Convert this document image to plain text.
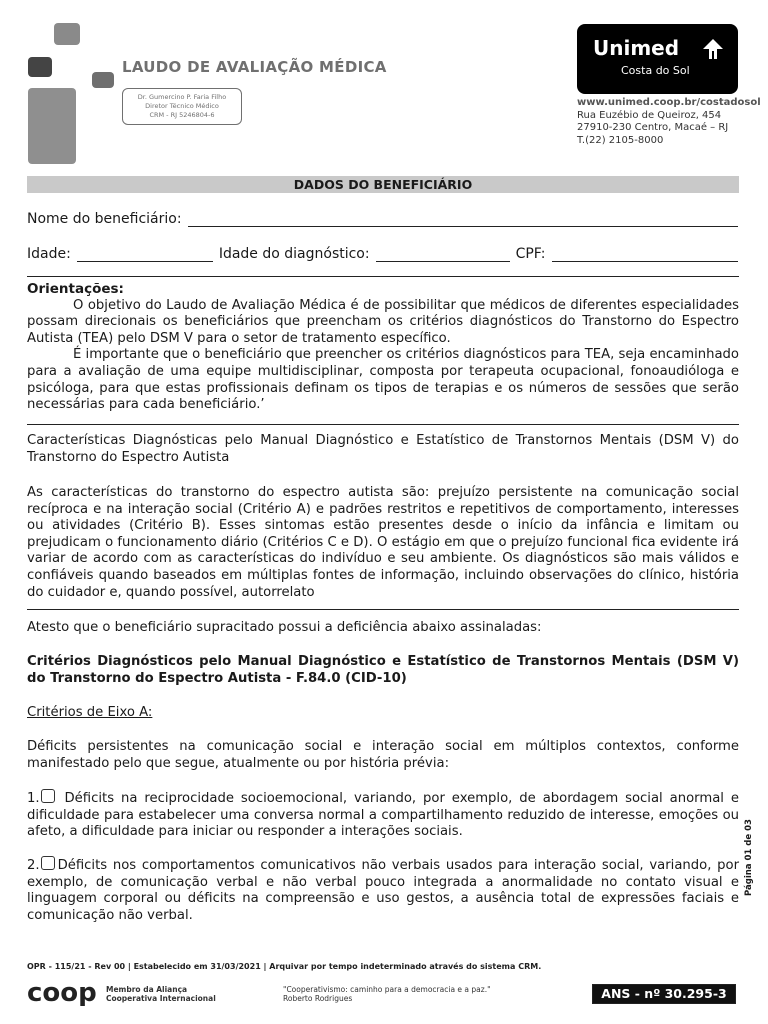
LAUDO DE AVALIAÇÃO MÉDICA
Dr. Gumercino P. Faria Filho
Diretor Técnico Médico
CRM - RJ 5246804-6
Unimed
Costa do Sol
www.unimed.coop.br/costadosol
Rua Euzébio de Queiroz, 454
27910-230 Centro, Macaé – RJ
T.(22) 2105-8000
DADOS DO BENEFICIÁRIO
Nome do beneficiário:
Idade:	Idade do diagnóstico:	CPF:
Orientações:
O objetivo do Laudo de Avaliação Médica é de possibilitar que médicos de diferentes especialidades possam direcionais os beneficiários que preencham os critérios diagnósticos do Transtorno do Espectro Autista (TEA) pelo DSM V para o setor de tratamento específico.
É importante que o beneficiário que preencher os critérios diagnósticos para TEA, seja encaminhado para a avaliação de uma equipe multidisciplinar, composta por terapeuta ocupacional, fonoaudióloga e psicóloga, para que estas profissionais definam os tipos de terapias e os números de sessões que serão necessárias para cada beneficiário.’
Características Diagnósticas pelo Manual Diagnóstico e Estatístico de Transtornos Mentais (DSM V) do Transtorno do Espectro Autista
As características do transtorno do espectro autista são: prejuízo persistente na comunicação social recíproca e na interação social (Critério A) e padrões restritos e repetitivos de comportamento, interesses ou atividades (Critério B). Esses sintomas estão presentes desde o início da infância e limitam ou prejudicam o funcionamento diário (Critérios C e D). O estágio em que o prejuízo funcional fica evidente irá variar de acordo com as características do indivíduo e seu ambiente. Os diagnósticos são mais válidos e confiáveis quando baseados em múltiplas fontes de informação, incluindo observações do clínico, história do cuidador e, quando possível, autorrelato
Atesto que o beneficiário supracitado possui a deficiência abaixo assinaladas:
Critérios Diagnósticos pelo Manual Diagnóstico e Estatístico de Transtornos Mentais (DSM V) do Transtorno do Espectro Autista - F.84.0 (CID-10)
Critérios de Eixo A:
Déficits persistentes na comunicação social e interação social em múltiplos contextos, conforme manifestado pelo que segue, atualmente ou por história prévia:
1. Déficits na reciprocidade socioemocional, variando, por exemplo, de abordagem social anormal e dificuldade para estabelecer uma conversa normal a compartilhamento reduzido de interesse, emoções ou afeto, a dificuldade para iniciar ou responder a interações sociais.
2. Déficits nos comportamentos comunicativos não verbais usados para interação social, variando, por exemplo, de comunicação verbal e não verbal pouco integrada a anormalidade no contato visual e linguagem corporal ou déficits na compreensão e uso gestos, a ausência total de expressões faciais e comunicação não verbal.
Página 01 de 03
OPR - 115/21 - Rev 00 | Estabelecido em 31/03/2021 | Arquivar por tempo indeterminado através do sistema CRM.
coop Membro da Aliança
Cooperativa Internacional
"Cooperativismo: caminho para a democracia e a paz."
Roberto Rodrigues	ANS - nº 30.295-3
